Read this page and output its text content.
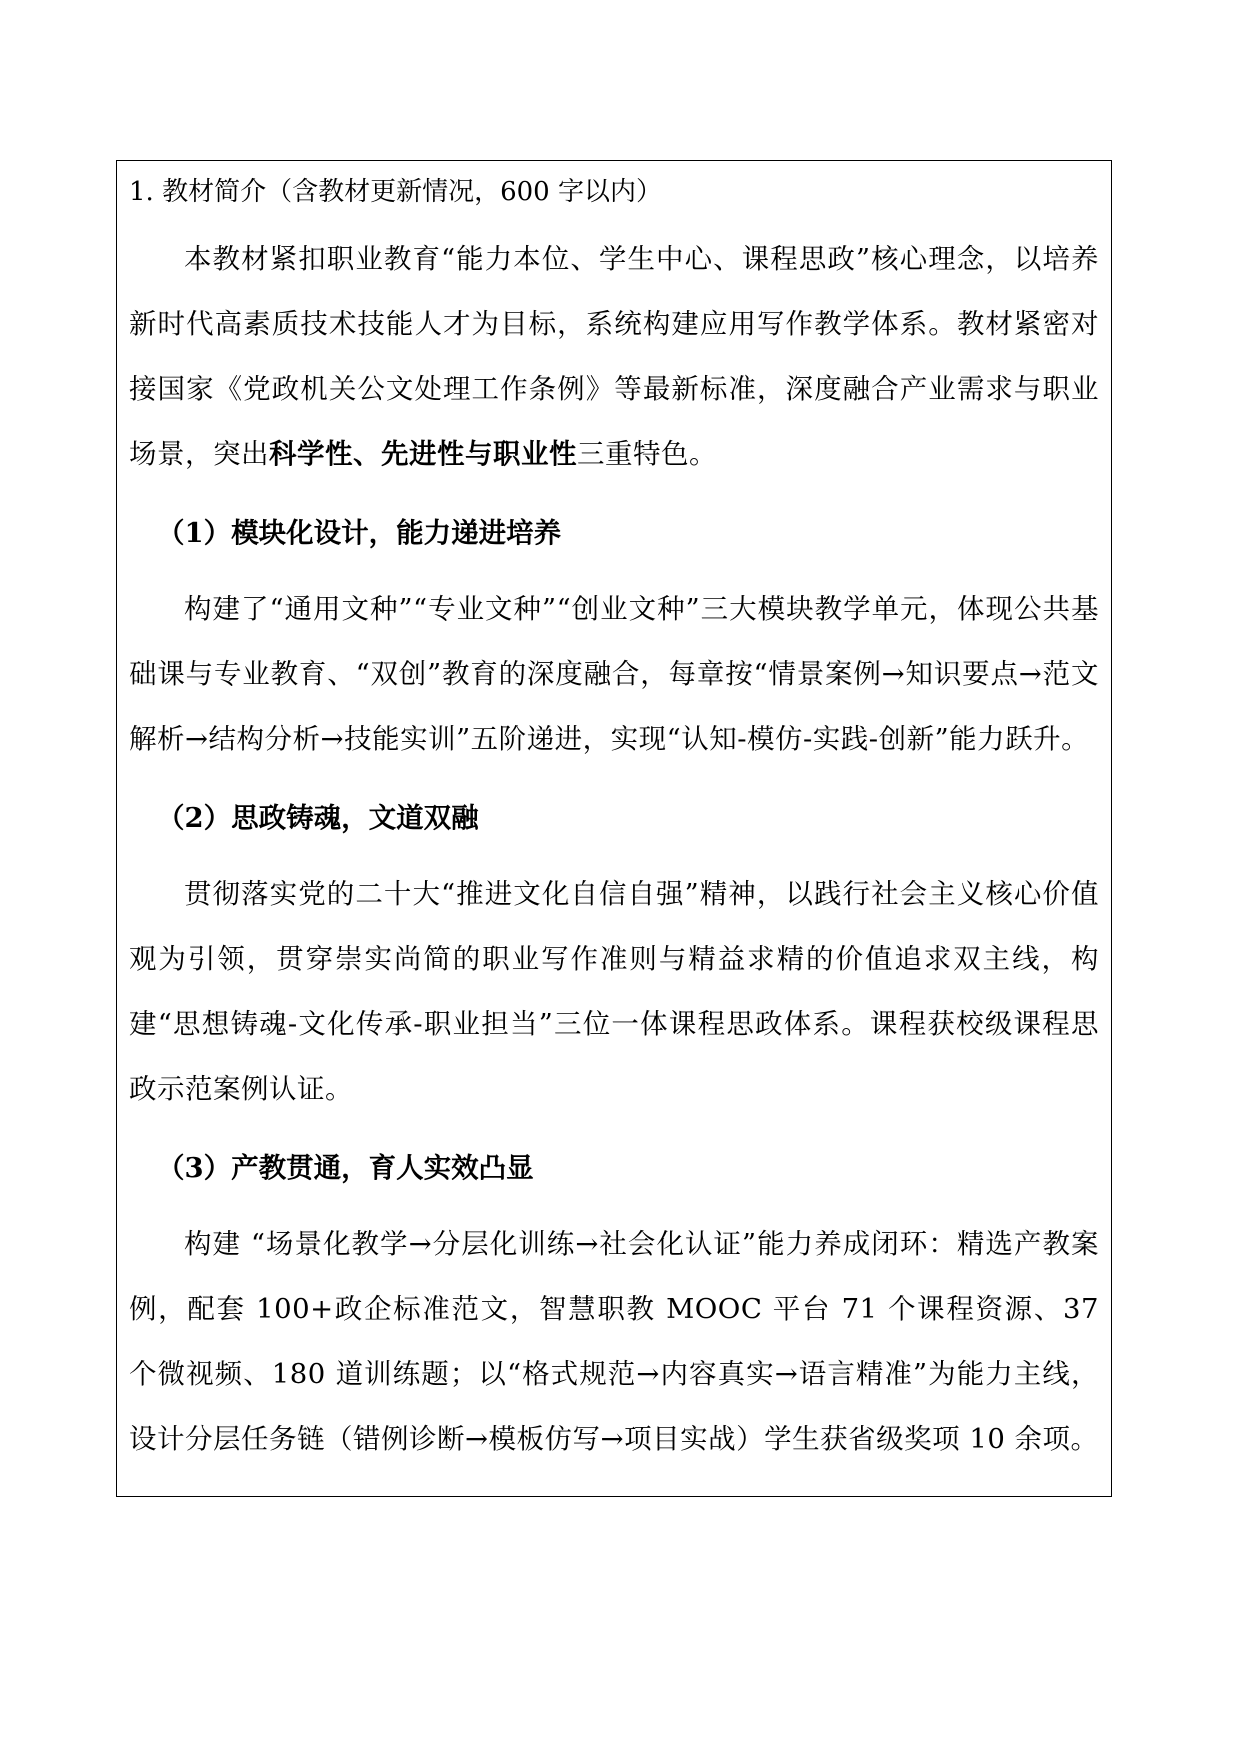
1. 教材简介（含教材更新情况，600 字以内）

本教材紧扣职业教育“能力本位、学生中心、课程思政”核心理念，以培养新时代高素质技术技能人才为目标，系统构建应用写作教学体系。教材紧密对接国家《党政机关公文处理工作条例》等最新标准，深度融合产业需求与职业场景，突出科学性、先进性与职业性三重特色。

（1）模块化设计，能力递进培养

构建了“通用文种”“专业文种”“创业文种”三大模块教学单元，体现公共基础课与专业教育、“双创”教育的深度融合，每章按“情景案例→知识要点→范文解析→结构分析→技能实训”五阶递进，实现“认知-模仿-实践-创新”能力跃升。

（2）思政铸魂，文道双融

贯彻落实党的二十大“推进文化自信自强”精神，以践行社会主义核心价值观为引领，贯穿崇实尚简的职业写作准则与精益求精的价值追求双主线，构建“思想铸魂-文化传承-职业担当”三位一体课程思政体系。课程获校级课程思政示范案例认证。

（3）产教贯通，育人实效凸显

构建 “场景化教学→分层化训练→社会化认证”能力养成闭环：精选产教案例，配套 100+政企标准范文，智慧职教 MOOC 平台 71 个课程资源、37 个微视频、180 道训练题；以“格式规范→内容真实→语言精准”为能力主线，设计分层任务链（错例诊断→模板仿写→项目实战）学生获省级奖项 10 余项。
